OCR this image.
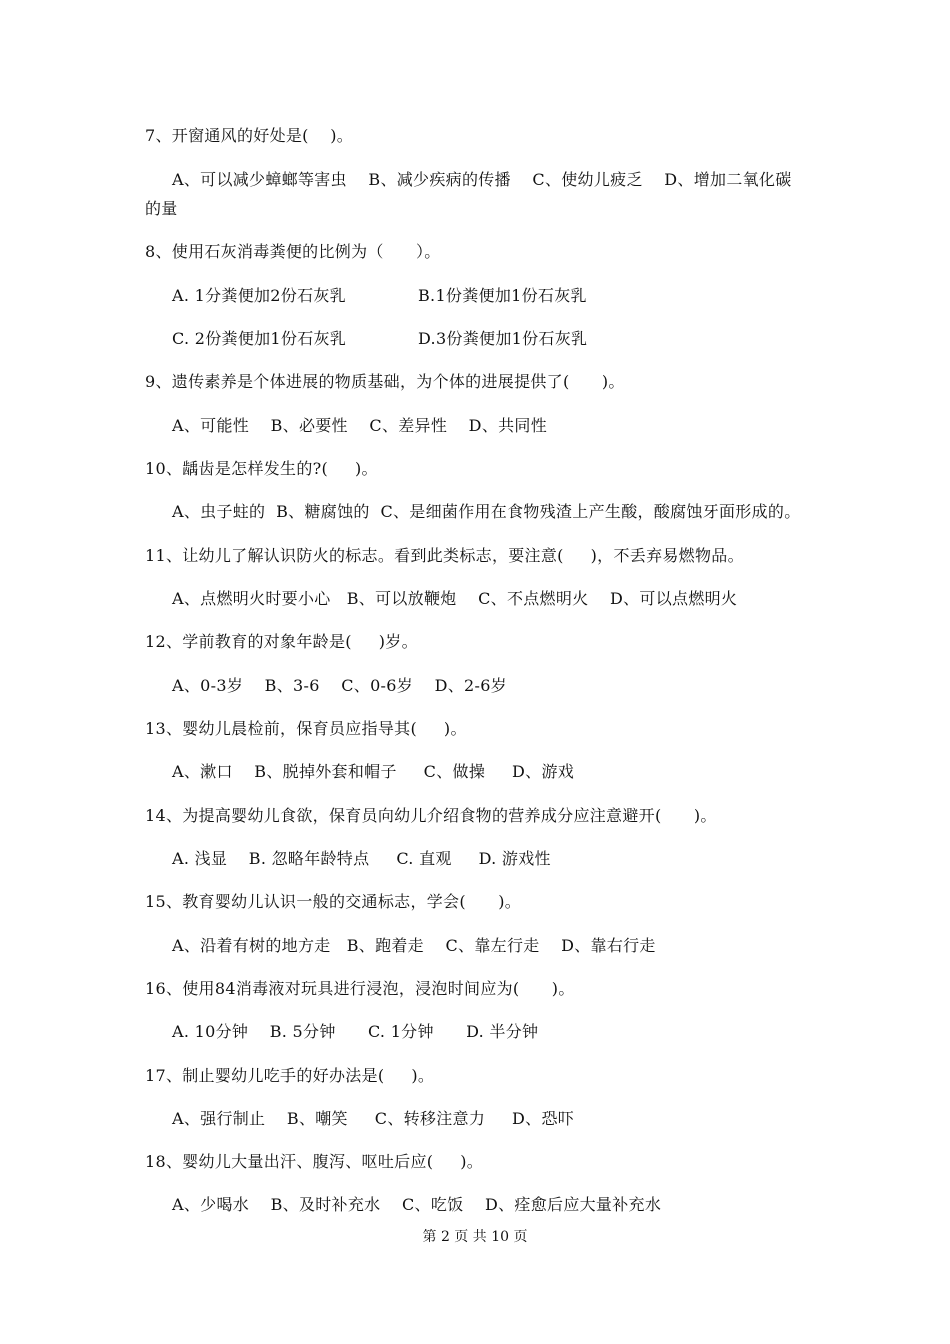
7、开窗通风的好处是(    )。
A、可以减少蟑螂等害虫    B、减少疾病的传播    C、使幼儿疲乏    D、增加二氧化碳
的量
8、使用石灰消毒粪便的比例为（      ）。
A. 1分粪便加2份石灰乳	B.1份粪便加1份石灰乳
C. 2份粪便加1份石灰乳	D.3份粪便加1份石灰乳
9、遗传素养是个体进展的物质基础，为个体的进展提供了(      )。
A、可能性    B、必要性    C、差异性    D、共同性
10、龋齿是怎样发生的?(     )。
A、虫子蛀的  B、糖腐蚀的  C、是细菌作用在食物残渣上产生酸，酸腐蚀牙面形成的。
11、让幼儿了解认识防火的标志。看到此类标志，要注意(     )，不丢弃易燃物品。
A、点燃明火时要小心   B、可以放鞭炮    C、不点燃明火    D、可以点燃明火
12、学前教育的对象年龄是(     )岁。
A、0-3岁    B、3-6    C、0-6岁    D、2-6岁
13、婴幼儿晨检前，保育员应指导其(     )。
A、漱口    B、脱掉外套和帽子     C、做操     D、游戏
14、为提高婴幼儿食欲，保育员向幼儿介绍食物的营养成分应注意避开(      )。
A. 浅显    B. 忽略年龄特点     C. 直观     D. 游戏性
15、教育婴幼儿认识一般的交通标志，学会(      )。
A、沿着有树的地方走   B、跑着走    C、靠左行走    D、靠右行走
16、使用84消毒液对玩具进行浸泡，浸泡时间应为(      )。
A. 10分钟    B. 5分钟      C. 1分钟      D. 半分钟
17、制止婴幼儿吃手的好办法是(     )。
A、强行制止    B、嘲笑     C、转移注意力     D、恐吓
18、婴幼儿大量出汗、腹泻、呕吐后应(     )。
A、少喝水    B、及时补充水    C、吃饭    D、痊愈后应大量补充水
第 2 页 共 10 页
